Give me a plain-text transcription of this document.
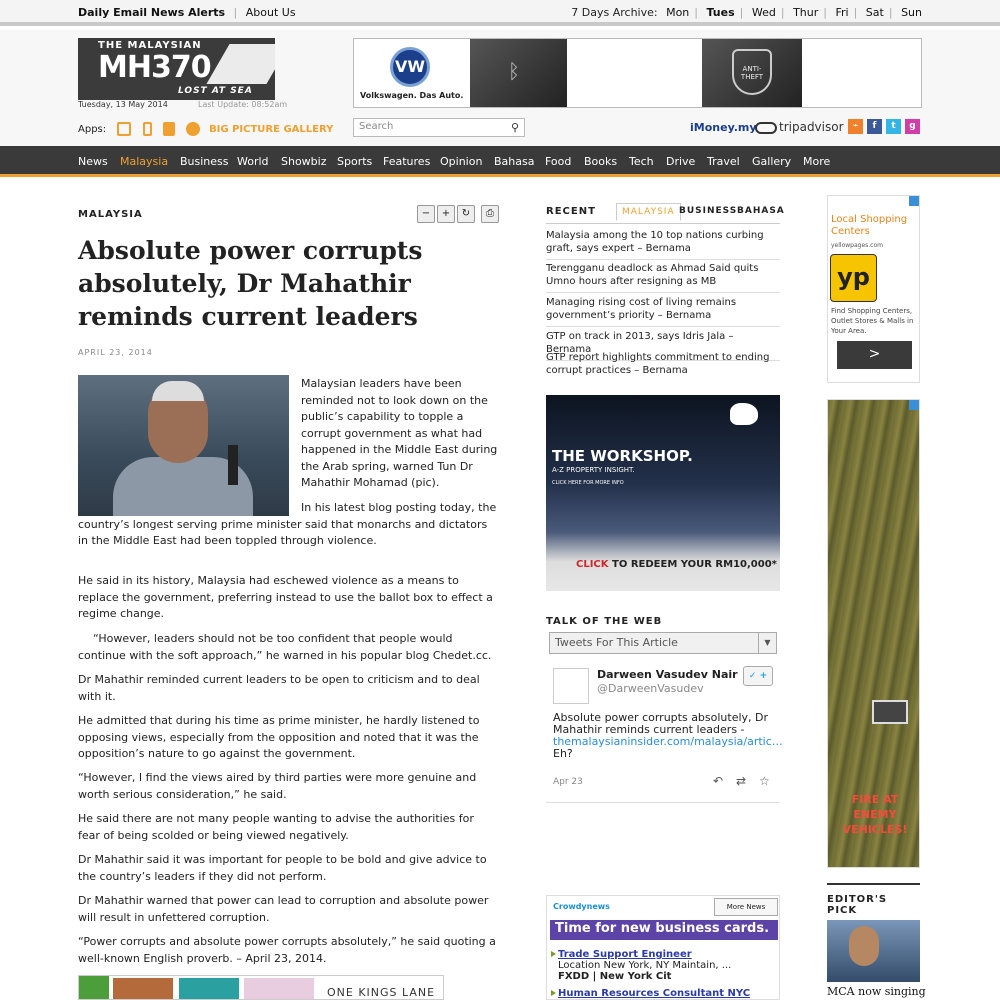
Daily Email News Alerts | About Us	7 Days Archive: Mon | Tues | Wed | Thur | Fri | Sat | Sun
THE MALAYSIAN
MH370
LOST AT SEA
Tuesday, 13 May 2014	Last Update: 08:52am
VW
Volkswagen. Das Auto.
ᛒ	ANTI-THEFT
Apps:	BIG PICTURE GALLERY	Search	⚲	iMoney.my	tripadvisor	⌁	f	t	g
News Malaysia Business World Showbiz Sports Features Opinion Bahasa Food Books Tech Drive Travel Gallery More
MALAYSIA	−	+	↻	⎙
Absolute power corrupts absolutely, Dr Mahathir reminds current leaders
APRIL 23, 2014

Malaysian leaders have been reminded not to look down on the public’s capability to topple a corrupt government as what had happened in the Middle East during the Arab spring, warned Tun Dr Mahathir Mohamad (pic).

In his latest blog posting today, the country’s longest serving prime minister said that monarchs and dictators in the Middle East had been toppled through violence.

He said in its history, Malaysia had eschewed violence as a means to replace the government, preferring instead to use the ballot box to effect a regime change.

“However, leaders should not be too confident that people would continue with the soft approach,” he warned in his popular blog Chedet.cc.

Dr Mahathir reminded current leaders to be open to criticism and to deal with it.

He admitted that during his time as prime minister, he hardly listened to opposing views, especially from the opposition and noted that it was the opposition’s nature to go against the government.

“However, I find the views aired by third parties were more genuine and worth serious consideration,” he said.

He said there are not many people wanting to advise the authorities for fear of being scolded or being viewed negatively.

Dr Mahathir said it was important for people to be bold and give advice to the country’s leaders if they did not perform.

Dr Mahathir warned that power can lead to corruption and absolute power will result in unfettered corruption.

“Power corrupts and absolute power corrupts absolutely,” he said quoting a well-known English proverb. – April 23, 2014.

ONE KINGS LANE
RECENT	MALAYSIA BUSINESS BAHASA
Malaysia among the 10 top nations curbing graft, says expert – Bernama
Terengganu deadlock as Ahmad Said quits Umno hours after resigning as MB
Managing rising cost of living remains government’s priority – Bernama
GTP on track in 2013, says Idris Jala – Bernama
GTP report highlights commitment to ending corrupt practices – Bernama
THE WORKSHOP.
A-Z PROPERTY INSIGHT.
CLICK HERE FOR MORE INFO
CLICK TO REDEEM YOUR RM10,000*
TALK OF THE WEB
Tweets For This Article	▼
Darween Vasudev Nair
@DarweenVasudev
✓ +
Absolute power corrupts absolutely, Dr Mahathir reminds current leaders -
themalaysianinsider.com/malaysia/artic…
Eh?
Apr 23	↶ ⇄ ☆
Crowdynews	More News
Time for new business cards.
Trade Support Engineer
Location New York, NY Maintain, ...
FXDD | New York Cit
Human Resources Consultant NYC
Local Shopping Centers
yellowpages.com
yp
Find Shopping Centers, Outlet Stores & Malls in Your Area.
>
FIRE AT ENEMY VEHICLES!
EDITOR'S PICK
MCA now singing
